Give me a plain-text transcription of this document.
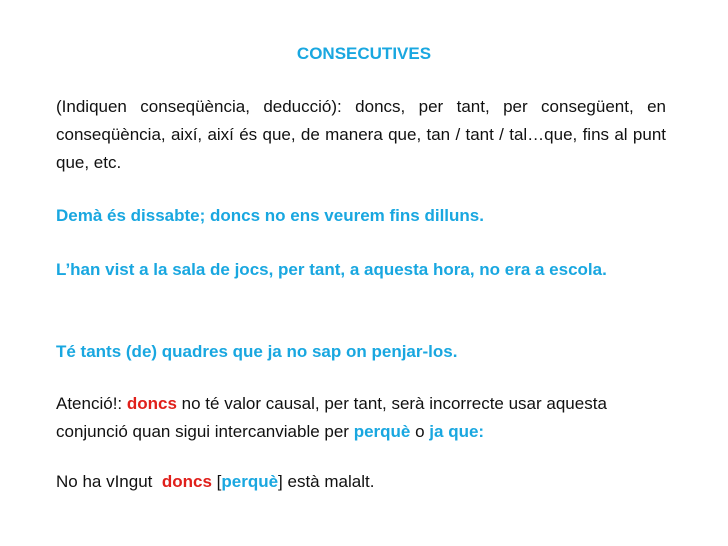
CONSECUTIVES
(Indiquen conseqüència, deducció): doncs, per tant, per consegüent, en conseqüència, així, així és que, de manera que, tan / tant / tal…que, fins al punt que, etc.
Demà és dissabte; doncs no ens veurem fins dilluns.
L’han vist a la sala de jocs, per tant, a aquesta hora, no era a escola.
Té tants (de) quadres que ja no sap on penjar-los.
Atenció!: doncs no té valor causal, per tant, serà incorrecte usar aquesta conjunció quan sigui intercanviable per perquè o ja que:
No ha vIngut  doncs [perquè] està malalt.
